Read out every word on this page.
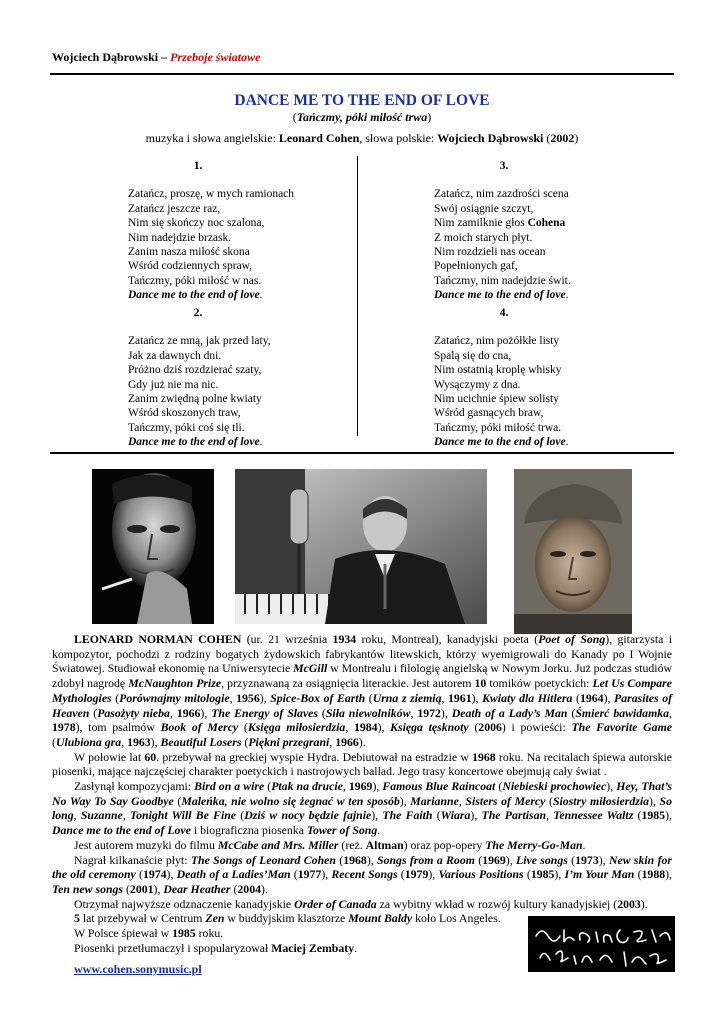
Wojciech Dąbrowski – Przeboje światowe
DANCE ME TO THE END OF LOVE
(Tańczmy, póki miłość trwa)
muzyka i słowa angielskie: Leonard Cohen, słowa polskie: Wojciech Dąbrowski (2002)
1.
Zatańcz, proszę, w mych ramionach
Zatańcz jeszcze raz,
Nim się skończy noc szalona,
Nim nadejdzie brzask.
Zanim nasza miłość skona
Wśród codziennych spraw,
Tańczmy, póki miłość w nas.
Dance me to the end of love.
2.
Zatańcz ze mną, jak przed laty,
Jak za dawnych dni.
Próżno dziś rozdzierać szaty,
Gdy już nie ma nic.
Zanim zwiędną polne kwiaty
Wśród skoszonych traw,
Tańczmy, póki coś się tli.
Dance me to the end of love.
3.
Zatańcz, nim zazdrości scena
Swój osiągnie szczyt,
Nim zamilknie głos Cohena
Z moich starych płyt.
Nim rozdzieli nas ocean
Popełnionych gaf,
Tańczmy, nim nadejdzie świt.
Dance me to the end of love.
4.
Zatańcz, nim pożółkłe listy
Spalą się do cna,
Nim ostatnią kroplę whisky
Wysączymy z dna.
Nim ucichnie śpiew solisty
Wśród gasnących braw,
Tańczmy, póki miłość trwa.
Dance me to the end of love.

LEONARD NORMAN COHEN (ur. 21 września 1934 roku, Montreal), kanadyjski poeta (Poet of Song), gitarzysta i kompozytor, pochodzi z rodziny bogatych żydowskich fabrykantów litewskich, którzy wyemigrowali do Kanady po I Wojnie Światowej. Studiował ekonomię na Uniwersytecie McGill w Montrealu i filologię angielską w Nowym Jorku. Już podczas studiów zdobył nagrodę McNaughton Prize, przyznawaną za osiągnięcia literackie. Jest autorem 10 tomików poetyckich: Let Us Compare Mythologies (Porównajmy mitologie, 1956), Spice-Box of Earth (Urna z ziemią, 1961), Kwiaty dla Hitlera (1964), Parasites of Heaven (Pasożyty nieba, 1966), The Energy of Slaves (Siła niewolników, 1972), Death of a Lady’s Man (Śmierć bawidamka, 1978), tom psalmów Book of Mercy (Księga miłosierdzia, 1984), Księga tęsknoty (2006) i powieści: The Favorite Game (Ulubiona gra, 1963), Beautiful Losers (Piękni przegrani, 1966).

W połowie lat 60. przebywał na greckiej wyspie Hydra. Debiutował na estradzie w 1968 roku. Na recitalach śpiewa autorskie piosenki, mające najczęściej charakter poetyckich i nastrojowych ballad. Jego trasy koncertowe obejmują cały świat .

Zasłynął kompozycjami: Bird on a wire (Ptak na drucie, 1969), Famous Blue Raincoat (Niebieski prochowiec), Hey, That’s No Way To Say Goodbye (Maleńka, nie wolno się żegnać w ten sposób), Marianne, Sisters of Mercy (Siostry miłosierdzia), So long, Suzanne, Tonight Will Be Fine (Dziś w nocy będzie fajnie), The Faith (Wiara), The Partisan, Tennessee Waltz (1985), Dance me to the end of Love i biograficzna piosenka Tower of Song.

Jest autorem muzyki do filmu McCabe and Mrs. Miller (reż. Altman) oraz pop-opery The Merry-Go-Man.

Nagrał kilkanaście płyt: The Songs of Leonard Cohen (1968), Songs from a Room (1969), Live songs (1973), New skin for the old ceremony (1974), Death of a Ladies’Man (1977), Recent Songs (1979), Various Positions (1985), I’m Your Man (1988), Ten new songs (2001), Dear Heather (2004).

Otrzymał najwyższe odznaczenie kanadyjskie Order of Canada za wybitny wkład w rozwój kultury kanadyjskiej (2003).

5 lat przebywał w Centrum Zen w buddyjskim klasztorze Mount Baldy koło Los Angeles.

W Polsce śpiewał w 1985 roku.

Piosenki przetłumaczył i spopularyzował Maciej Zembaty.

www.cohen.sonymusic.pl
